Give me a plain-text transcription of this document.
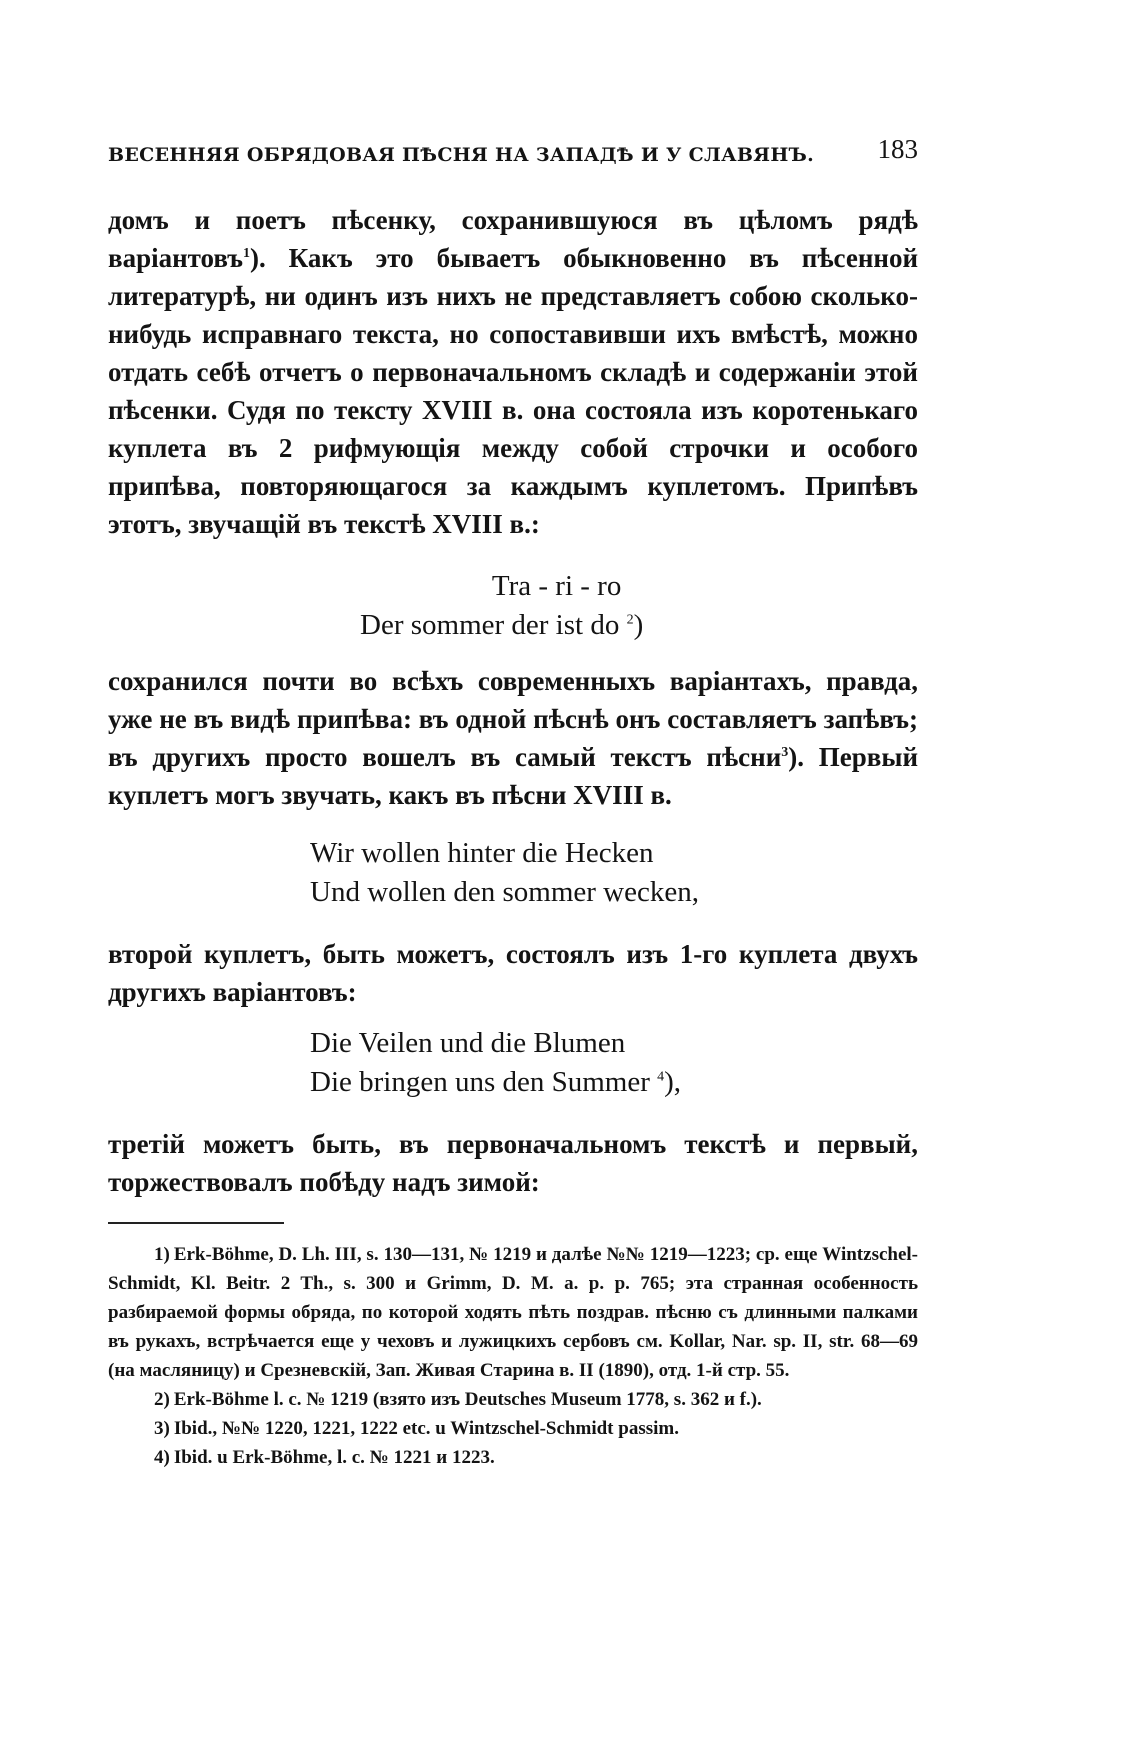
ВЕСЕННЯЯ ОБРЯДОВАЯ ПѢСНЯ НА ЗАПАДѢ И У СЛАВЯНЪ. 183

домъ и поетъ пѣсенку, сохранившуюся въ цѣломъ рядѣ варіантовъ$^1$). Какъ это бываетъ обыкновенно въ пѣсенной литературѣ, ни одинъ изъ нихъ не представляетъ собою сколько-нибудь исправнаго текста, но сопоставивши ихъ вмѣстѣ, можно отдать себѣ отчетъ о первоначальномъ складѣ и содержаніи этой пѣсенки. Судя по тексту XVIII в. она состояла изъ коротенькаго куплета въ 2 рифмующія между собой строчки и особого припѣва, повторяющагося за каждымъ куплетомъ. Припѣвъ этотъ, звучащій въ текстѣ XVIII в.:

Tra - ri - ro
Der sommer der ist do $^2$)

сохранился почти во всѣхъ современныхъ варіантахъ, правда, уже не въ видѣ припѣва: въ одной пѣснѣ онъ составляетъ запѣвъ; въ другихъ просто вошелъ въ самый текстъ пѣсни$^3$). Первый куплетъ могъ звучать, какъ въ пѣсни XVIII в.

Wir wollen hinter die Hecken
Und wollen den sommer wecken,

второй куплетъ, быть можетъ, состоялъ изъ 1-го куплета двухъ другихъ варіантовъ:

Die Veilen und die Blumen
Die bringen uns den Summer $^4$),

третій можетъ быть, въ первоначальномъ текстѣ и первый, торжествовалъ побѣду надъ зимой:

1) Erk-Böhme, D. Lh. III, s. 130—131, № 1219 и далѣе №№ 1219—1223; ср. еще Wintzschel-Schmidt, Kl. Beitr. 2 Th., s. 300 и Grimm, D. M. a. p. p. 765; эта странная особенность разбираемой формы обряда, по которой ходять пѣть поздрав. пѣсню съ длинными палками въ рукахъ, встрѣчается еще у чеховъ и лужицкихъ сербовъ см. Kollar, Nar. sp. II, str. 68—69 (на масляницу) и Срезневскій, Зап. Живая Старина в. II (1890), отд. 1-й стр. 55.

2) Erk-Böhme l. c. № 1219 (взято изъ Deutsches Museum 1778, s. 362 и f.).

3) Ibid., №№ 1220, 1221, 1222 etc. u Wintzschel-Schmidt passim.

4) Ibid. u Erk-Böhme, l. c. № 1221 и 1223.
